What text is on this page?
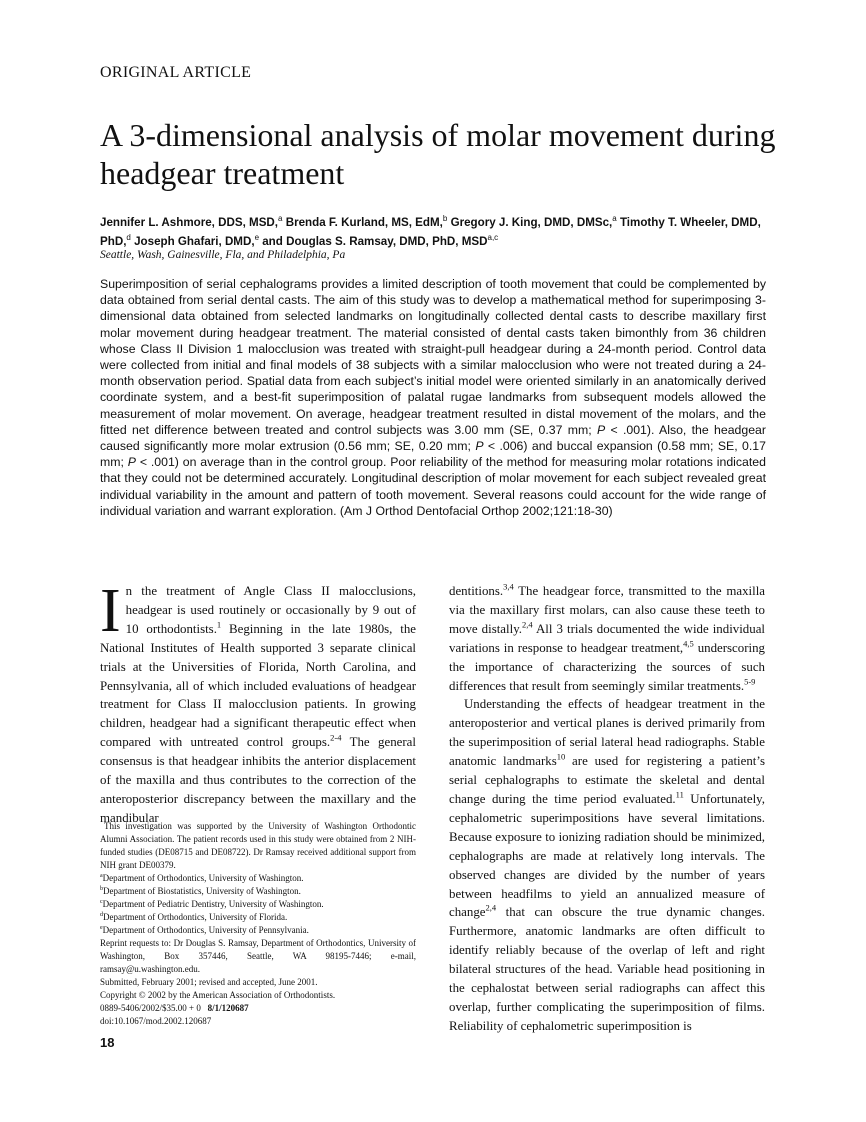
ORIGINAL ARTICLE
A 3-dimensional analysis of molar movement during headgear treatment
Jennifer L. Ashmore, DDS, MSD,$^a$ Brenda F. Kurland, MS, EdM,$^b$ Gregory J. King, DMD, DMSc,$^a$ Timothy T. Wheeler, DMD, PhD,$^d$ Joseph Ghafari, DMD,$^e$ and Douglas S. Ramsay, DMD, PhD, MSD$^{a,c}$
Seattle, Wash, Gainesville, Fla, and Philadelphia, Pa
Superimposition of serial cephalograms provides a limited description of tooth movement that could be complemented by data obtained from serial dental casts. The aim of this study was to develop a mathematical method for superimposing 3-dimensional data obtained from selected landmarks on longitudinally collected dental casts to describe maxillary first molar movement during headgear treatment. The material consisted of dental casts taken bimonthly from 36 children whose Class II Division 1 malocclusion was treated with straight-pull headgear during a 24-month period. Control data were collected from initial and final models of 38 subjects with a similar malocclusion who were not treated during a 24-month observation period. Spatial data from each subject’s initial model were oriented similarly in an anatomically derived coordinate system, and a best-fit superimposition of palatal rugae landmarks from subsequent models allowed the measurement of molar movement. On average, headgear treatment resulted in distal movement of the molars, and the fitted net difference between treated and control subjects was 3.00 mm (SE, 0.37 mm; P < .001). Also, the headgear caused significantly more molar extrusion (0.56 mm; SE, 0.20 mm; P < .006) and buccal expansion (0.58 mm; SE, 0.17 mm; P < .001) on average than in the control group. Poor reliability of the method for measuring molar rotations indicated that they could not be determined accurately. Longitudinal description of molar movement for each subject revealed great individual variability in the amount and pattern of tooth movement. Several reasons could account for the wide range of individual variation and warrant exploration. (Am J Orthod Dentofacial Orthop 2002;121:18-30)

In the treatment of Angle Class II malocclusions, headgear is used routinely or occasionally by 9 out of 10 orthodontists.$^1$ Beginning in the late 1980s, the National Institutes of Health supported 3 separate clinical trials at the Universities of Florida, North Carolina, and Pennsylvania, all of which included evaluations of headgear treatment for Class II malocclusion patients. In growing children, headgear had a significant therapeutic effect when compared with untreated control groups.$^{2-4}$ The general consensus is that headgear inhibits the anterior displacement of the maxilla and thus contributes to the correction of the anteroposterior discrepancy between the maxillary and the mandibular

dentitions.$^{3,4}$ The headgear force, transmitted to the maxilla via the maxillary first molars, can also cause these teeth to move distally.$^{2,4}$ All 3 trials documented the wide individual variations in response to headgear treatment,$^{4,5}$ underscoring the importance of characterizing the sources of such differences that result from seemingly similar treatments.$^{5-9}$

Understanding the effects of headgear treatment in the anteroposterior and vertical planes is derived primarily from the superimposition of serial lateral head radiographs. Stable anatomic landmarks$^{10}$ are used for registering a patient’s serial cephalographs to estimate the skeletal and dental change during the time period evaluated.$^{11}$ Unfortunately, cephalometric superimpositions have several limitations. Because exposure to ionizing radiation should be minimized, cephalographs are made at relatively long intervals. The observed changes are divided by the number of years between headfilms to yield an annualized measure of change$^{2,4}$ that can obscure the true dynamic changes. Furthermore, anatomic landmarks are often difficult to identify reliably because of the overlap of left and right bilateral structures of the head. Variable head positioning in the cephalostat between serial radiographs can affect this overlap, further complicating the superimposition of films. Reliability of cephalometric superimposition is

This investigation was supported by the University of Washington Orthodontic Alumni Association. The patient records used in this study were obtained from 2 NIH-funded studies (DE08715 and DE08722). Dr Ramsay received additional support from NIH grant DE00379.
$^a$Department of Orthodontics, University of Washington.
$^b$Department of Biostatistics, University of Washington.
$^c$Department of Pediatric Dentistry, University of Washington.
$^d$Department of Orthodontics, University of Florida.
$^e$Department of Orthodontics, University of Pennsylvania.
Reprint requests to: Dr Douglas S. Ramsay, Department of Orthodontics, University of Washington, Box 357446, Seattle, WA 98195-7446; e-mail, ramsay@u.washington.edu.
Submitted, February 2001; revised and accepted, June 2001.
Copyright © 2002 by the American Association of Orthodontists.
0889-5406/2002/$35.00 + 0 8/1/120687
doi:10.1067/mod.2002.120687
18
